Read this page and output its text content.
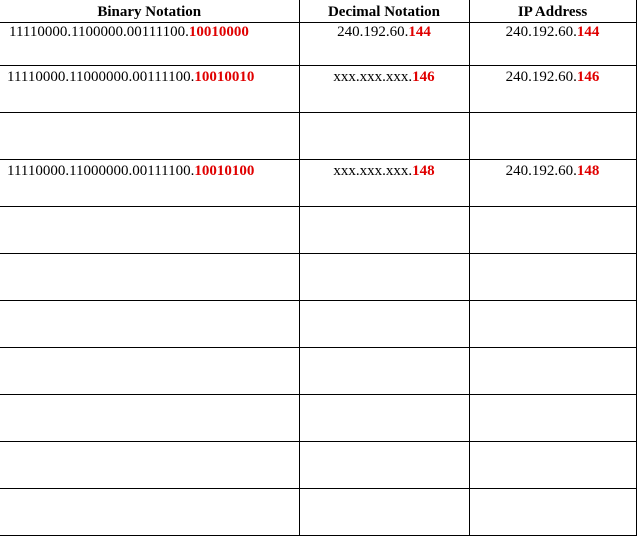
Binary Notation	Decimal Notation	IP Address
11110000.1100000.00111100.10010000	240.192.60.144	240.192.60.144
11110000.11000000.00111100.10010010	xxx.xxx.xxx.146	240.192.60.146

11110000.11000000.00111100.10010100	xxx.xxx.xxx.148	240.192.60.148
